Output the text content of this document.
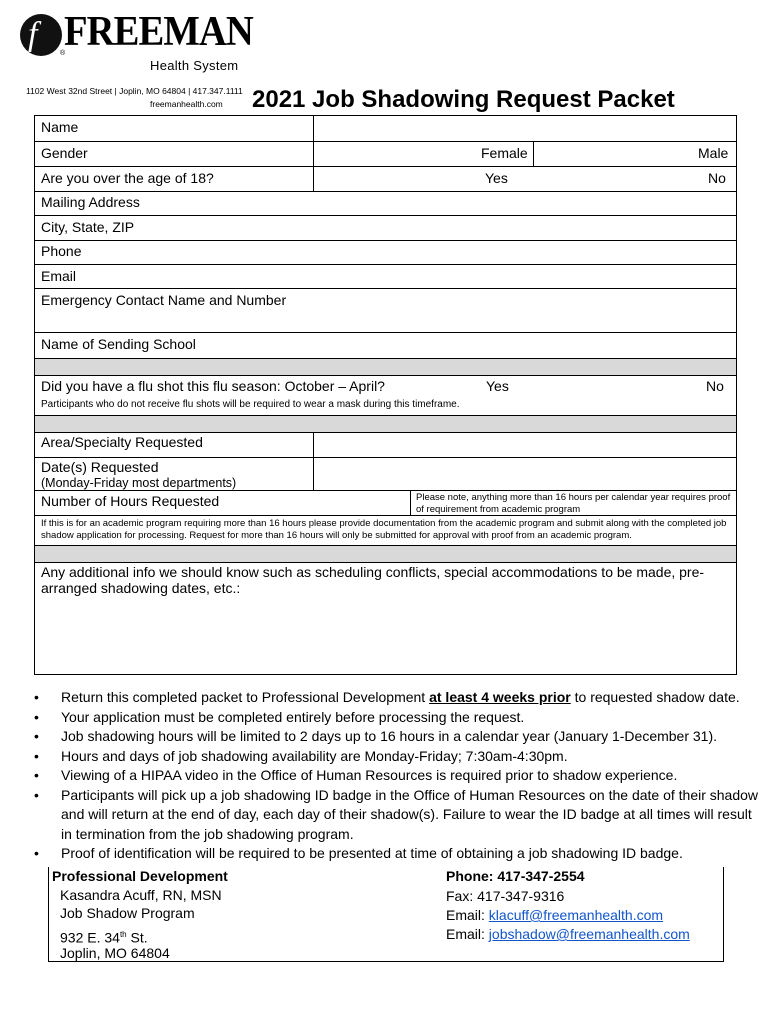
f FREEMAN
®
Health System
1102 West 32nd Street | Joplin, MO 64804 | 417.347.1111
freemanhealth.com 2021 Job Shadowing Request Packet
Name
Gender	Female	Male
Are you over the age of 18?	Yes	No
Mailing Address
City, State, ZIP
Phone
Email
Emergency Contact Name and Number
Name of Sending School
Did you have a flu shot this flu season: October – April?	Yes	No
Participants who do not receive flu shots will be required to wear a mask during this timeframe.
Area/Specialty Requested
Date(s) Requested
(Monday-Friday most departments)
Number of Hours Requested	Please note, anything more than 16 hours per calendar year requires proof of requirement from academic program
If this is for an academic program requiring more than 16 hours please provide documentation from the academic program and submit along with the completed job shadow application for processing. Request for more than 16 hours will only be submitted for approval with proof from an academic program.
Any additional info we should know such as scheduling conflicts, special accommodations to be made, pre-arranged shadowing dates, etc.:
•	Return this completed packet to Professional Development at least 4 weeks prior to requested shadow date.
•	Your application must be completed entirely before processing the request.
•	Job shadowing hours will be limited to 2 days up to 16 hours in a calendar year (January 1-December 31).
•	Hours and days of job shadowing availability are Monday-Friday; 7:30am-4:30pm.
•	Viewing of a HIPAA video in the Office of Human Resources is required prior to shadow experience.
•	Participants will pick up a job shadowing ID badge in the Office of Human Resources on the date of their shadow and will return at the end of day, each day of their shadow(s). Failure to wear the ID badge at all times will result in termination from the job shadowing program.
•	Proof of identification will be required to be presented at time of obtaining a job shadowing ID badge.
Professional Development
Kasandra Acuff, RN, MSN
Job Shadow Program
932 E. 34th St.
Joplin, MO 64804
Phone: 417-347-2554
Fax: 417-347-9316
Email: klacuff@freemanhealth.com
Email: jobshadow@freemanhealth.com
